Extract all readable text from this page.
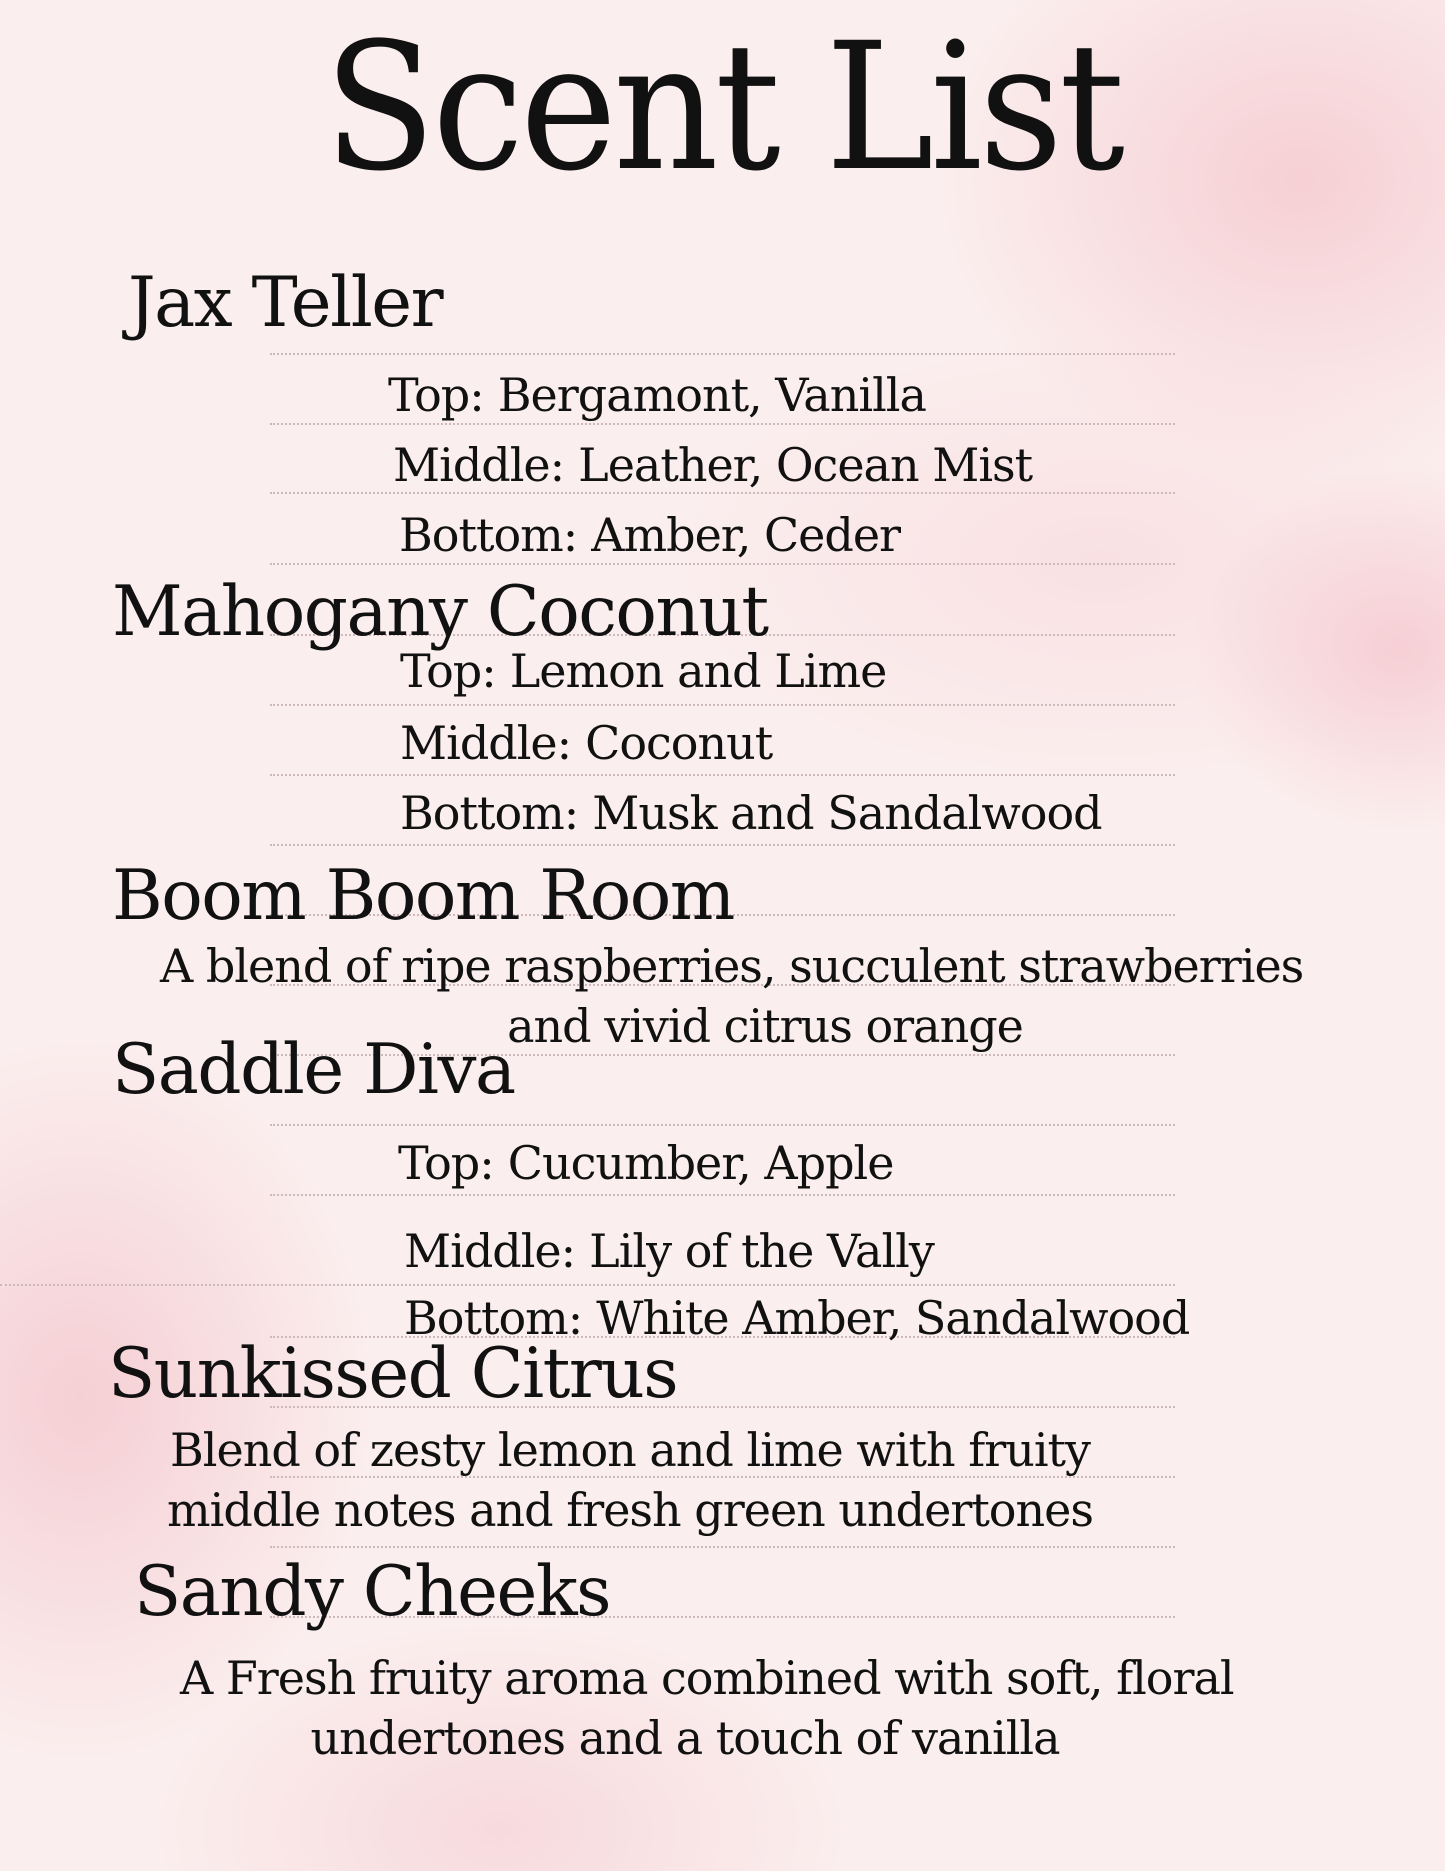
Scent List
Jax Teller
Top: Bergamont, Vanilla
Middle: Leather, Ocean Mist
Bottom: Amber, Ceder
Mahogany Coconut
Top: Lemon and Lime
Middle: Coconut
Bottom: Musk and Sandalwood
Boom Boom Room
A blend of ripe raspberries, succulent strawberries
and vivid citrus orange
Saddle Diva
Top: Cucumber, Apple
Middle: Lily of the Vally
Bottom: White Amber, Sandalwood
Sunkissed Citrus
Blend of zesty lemon and lime with fruity
middle notes and fresh green undertones
Sandy Cheeks
A Fresh fruity aroma combined with soft, floral
undertones and a touch of vanilla
